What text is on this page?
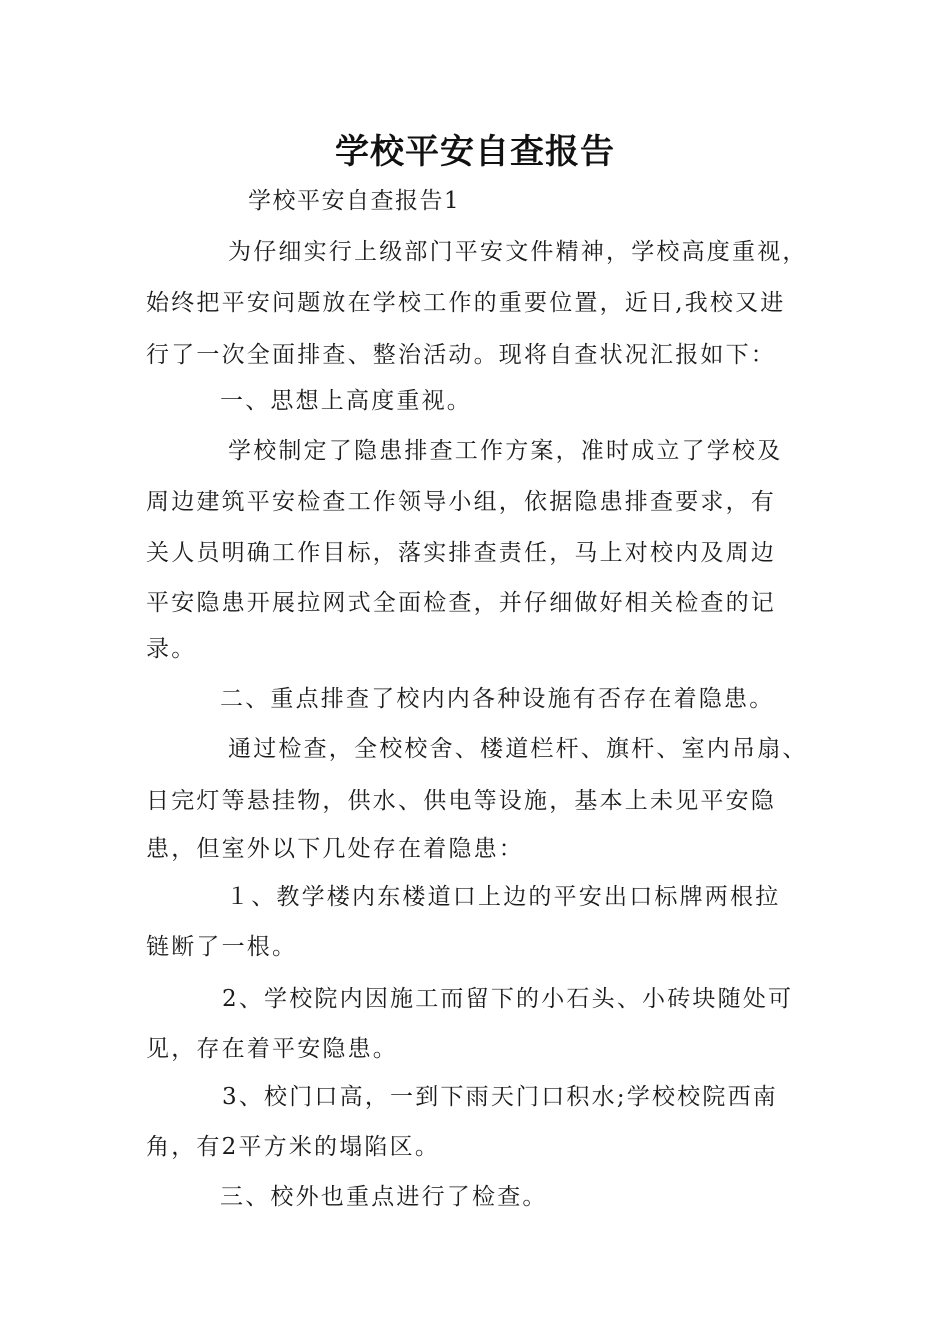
学校平安自查报告
学校平安自查报告1
为仔细实行上级部门平安文件精神，学校高度重视，
始终把平安问题放在学校工作的重要位置，近日,我校又进
行了一次全面排查、整治活动。现将自查状况汇报如下：
一、思想上高度重视。
学校制定了隐患排查工作方案，准时成立了学校及
周边建筑平安检查工作领导小组，依据隐患排查要求，有
关人员明确工作目标，落实排查责任，马上对校内及周边
平安隐患开展拉网式全面检查，并仔细做好相关检查的记
录。
二、重点排查了校内内各种设施有否存在着隐患。
通过检查，全校校舍、楼道栏杆、旗杆、室内吊扇、
日完灯等悬挂物，供水、供电等设施，基本上未见平安隐
患，但室外以下几处存在着隐患：
１、教学楼内东楼道口上边的平安出口标牌两根拉
链断了一根。
2、学校院内因施工而留下的小石头、小砖块随处可
见，存在着平安隐患。
3、校门口高，一到下雨天门口积水;学校校院西南
角，有2平方米的塌陷区。
三、校外也重点进行了检查。
